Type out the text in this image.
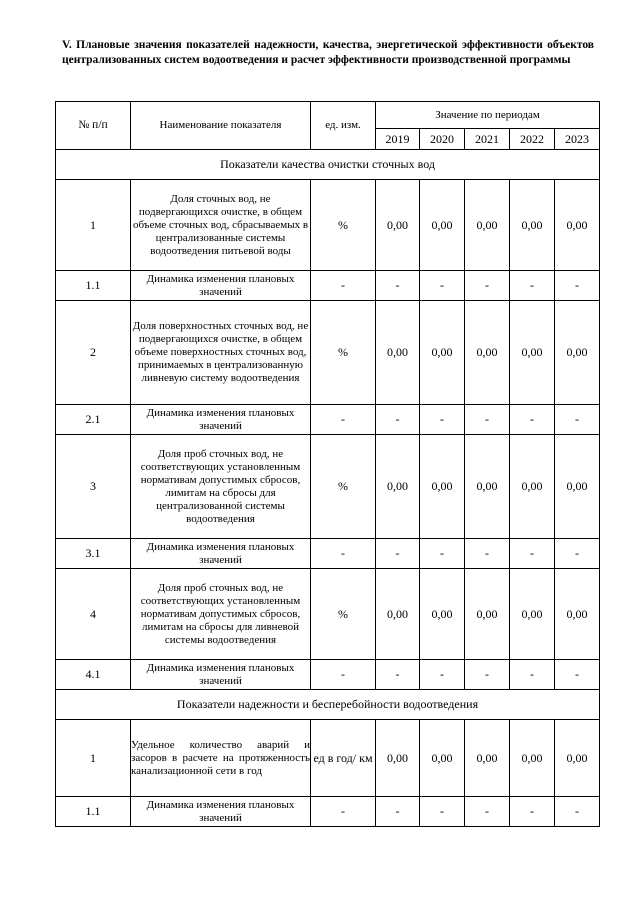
V. Плановые значения показателей надежности, качества, энергетической эффективности объектов централизованных систем водоотведения и расчет эффективности производственной программы
№ п/п	Наименование показателя	ед. изм.	Значение по периодам				
			2019	2020	2021	2022	2023
Показатели качества очистки сточных вод							
1	Доля сточных вод, не подвергающихся очистке, в общем объеме сточных вод, сбрасываемых в централизованные системы водоотведения питьевой воды	%	0,00	0,00	0,00	0,00	0,00
1.1	Динамика изменения плановых значений	-	-	-	-	-	-
2	Доля поверхностных сточных вод, не подвергающихся очистке, в общем объеме поверхностных сточных вод, принимаемых в централизованную ливневую систему водоотведения	%	0,00	0,00	0,00	0,00	0,00
2.1	Динамика изменения плановых значений	-	-	-	-	-	-
3	Доля проб сточных вод, не соответствующих установленным нормативам допустимых сбросов, лимитам на сбросы для централизованной системы водоотведения	%	0,00	0,00	0,00	0,00	0,00
3.1	Динамика изменения плановых значений	-	-	-	-	-	-
4	Доля проб сточных вод, не соответствующих установленным нормативам допустимых сбросов, лимитам на сбросы для ливневой системы водоотведения	%	0,00	0,00	0,00	0,00	0,00
4.1	Динамика изменения плановых значений	-	-	-	-	-	-
Показатели надежности и бесперебойности водоотведения							
1	Удельное количество аварий и засоров в расчете на протяженность канализационной сети в год	ед в год/ км	0,00	0,00	0,00	0,00	0,00
1.1	Динамика изменения плановых значений	-	-	-	-	-	-
